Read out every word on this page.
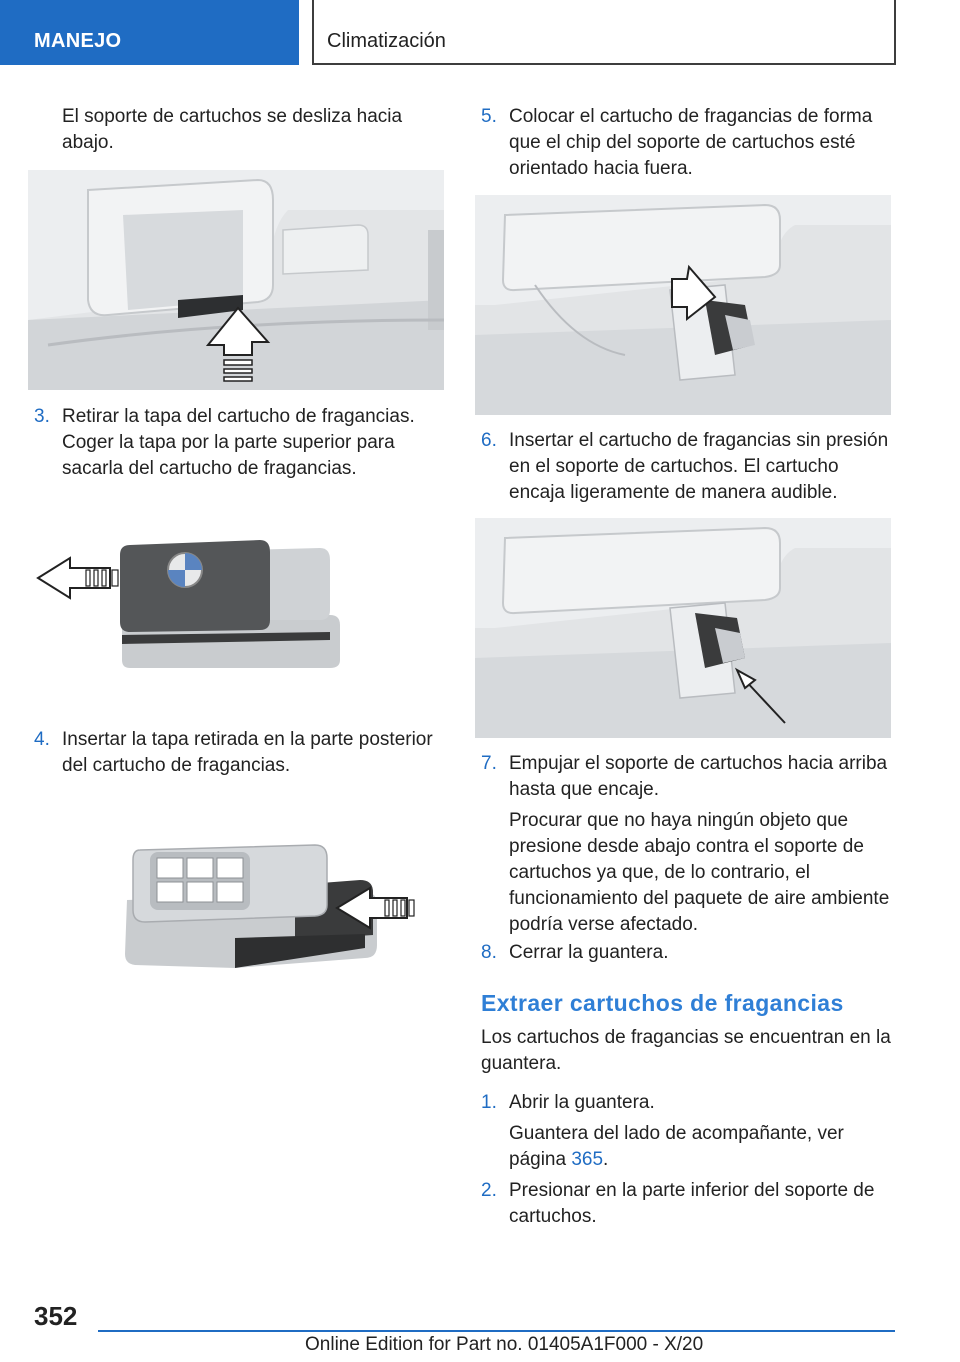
MANEJO	Climatización
El soporte de cartuchos se desliza hacia abajo.
3. Retirar la tapa del cartucho de fragancias. Coger la tapa por la parte superior para sacarla del cartucho de fragancias.
4. Insertar la tapa retirada en la parte posterior del cartucho de fragancias.
5. Colocar el cartucho de fragancias de forma que el chip del soporte de cartuchos esté orientado hacia fuera.
6. Insertar el cartucho de fragancias sin presión en el soporte de cartuchos. El cartucho encaja ligeramente de manera audible.
7. Empujar el soporte de cartuchos hacia arriba hasta que encaje.
Procurar que no haya ningún objeto que presione desde abajo contra el soporte de cartuchos ya que, de lo contrario, el funcionamiento del paquete de aire ambiente podría verse afectado.
8. Cerrar la guantera.
Extraer cartuchos de fragancias
Los cartuchos de fragancias se encuentran en la guantera.
1. Abrir la guantera.
Guantera del lado de acompañante, ver página 365.
2. Presionar en la parte inferior del soporte de cartuchos.
352
Online Edition for Part no. 01405A1F000 - X/20
